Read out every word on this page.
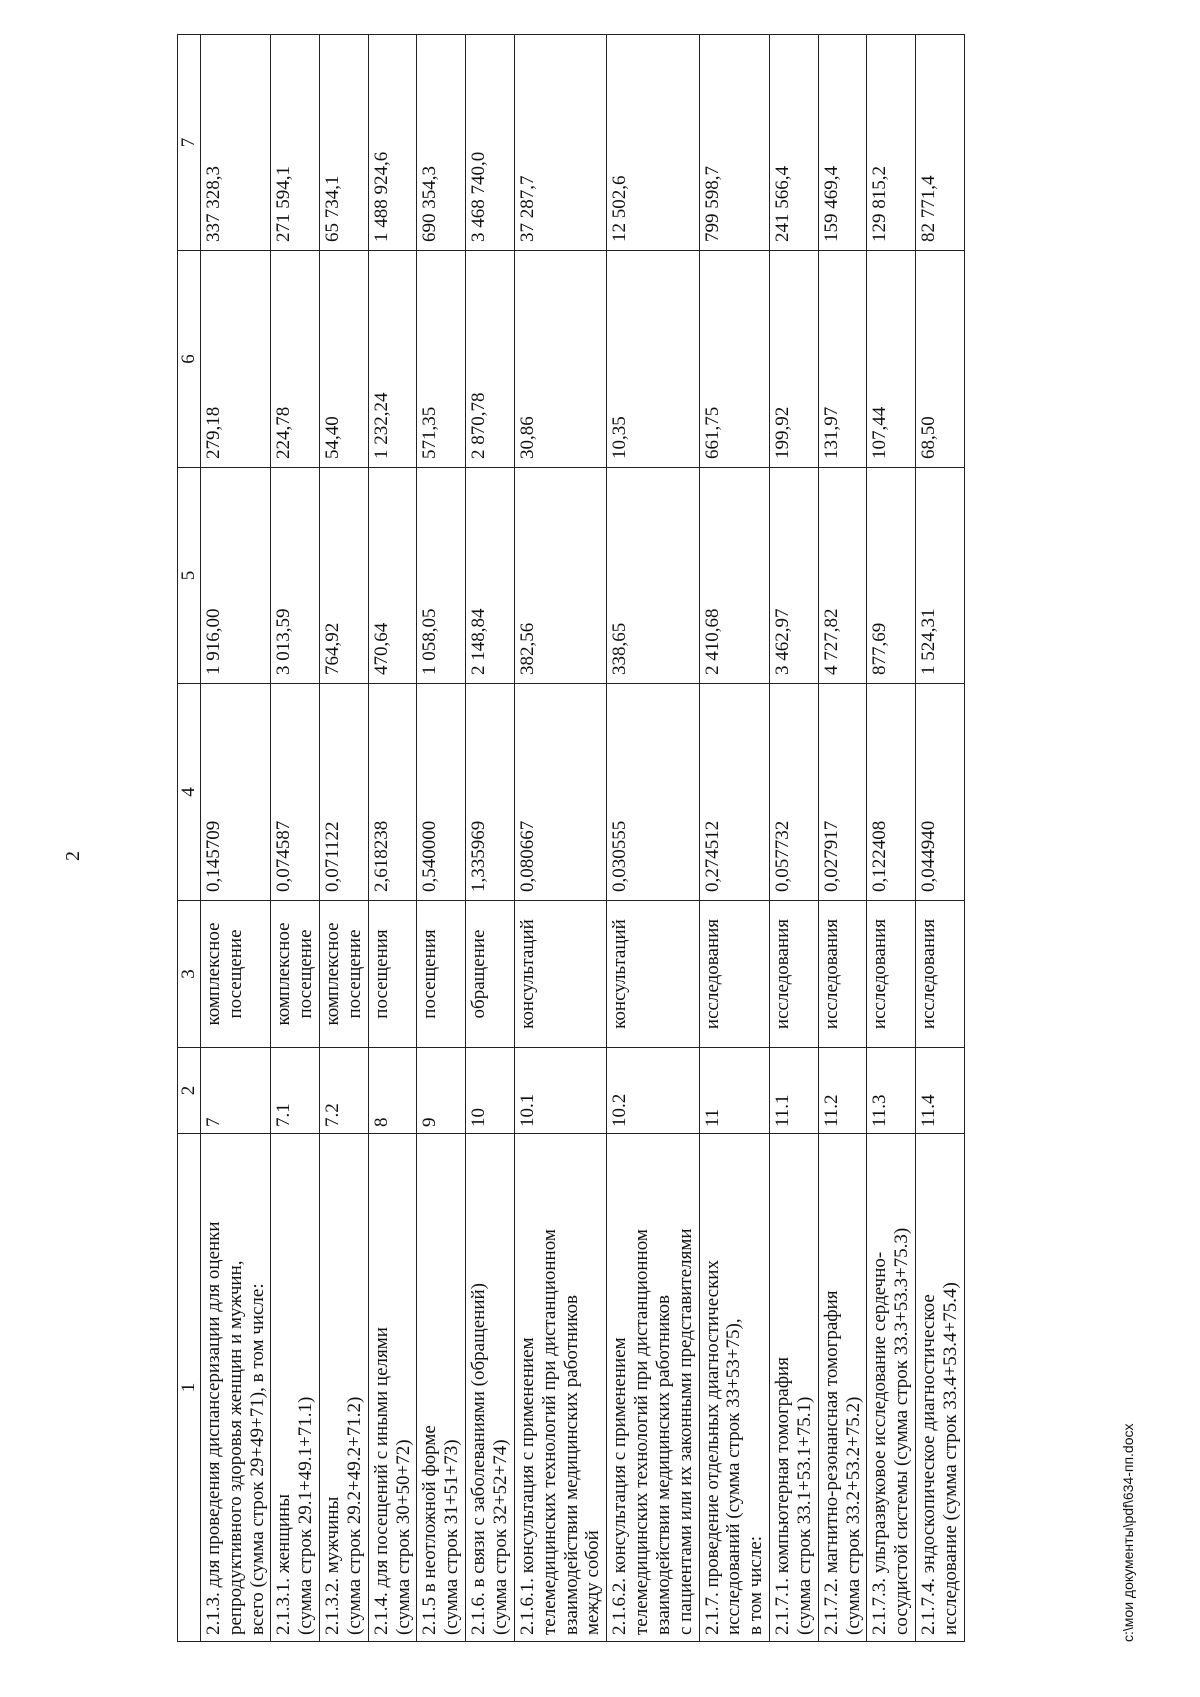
2
1	2	3	4	5	6	7

2.1.3. для проведения диспансеризации для оценки репродуктивного здоровья женщин и мужчин, всего (сумма строк 29+49+71), в том числе:	7	комплексное посещение	0,145709	1 916,00	279,18	337 328,3

2.1.3.1. женщины (сумма строк 29.1+49.1+71.1)	7.1	комплексное посещение	0,074587	3 013,59	224,78	271 594,1

2.1.3.2. мужчины (сумма строк 29.2+49.2+71.2)	7.2	комплексное посещение	0,071122	764,92	54,40	65 734,1

2.1.4. для посещений с иными целями (сумма строк 30+50+72)	8	посещения	2,618238	470,64	1 232,24	1 488 924,6

2.1.5 в неотложной форме (сумма строк 31+51+73)	9	посещения	0,540000	1 058,05	571,35	690 354,3

2.1.6. в связи с заболеваниями (обращений) (сумма строк 32+52+74)	10	обращение	1,335969	2 148,84	2 870,78	3 468 740,0

2.1.6.1. консультация с применением телемедицинских технологий при дистанционном взаимодействии медицинских работников между собой	10.1	консультаций	0,080667	382,56	30,86	37 287,7

2.1.6.2. консультация с применением телемедицинских технологий при дистанционном взаимодействии медицинских работников с пациентами или их законными представителями	10.2	консультаций	0,030555	338,65	10,35	12 502,6

2.1.7. проведение отдельных диагностических исследований (сумма строк 33+53+75), в том числе:	11	исследования	0,274512	2 410,68	661,75	799 598,7

2.1.7.1. компьютерная томография (сумма строк 33.1+53.1+75.1)	11.1	исследования	0,057732	3 462,97	199,92	241 566,4

2.1.7.2. магнитно-резонансная томография (сумма строк 33.2+53.2+75.2)	11.2	исследования	0,027917	4 727,82	131,97	159 469,4

2.1.7.3. ультразвуковое исследование сердечно- сосудистой системы (сумма строк 33.3+53.3+75.3)	11.3	исследования	0,122408	877,69	107,44	129 815,2

2.1.7.4. эндоскопическое диагностическое исследование (сумма строк 33.4+53.4+75.4)	11.4	исследования	0,044940	1 524,31	68,50	82 771,4
c:\мои документы\pdf\634-пп.docx
